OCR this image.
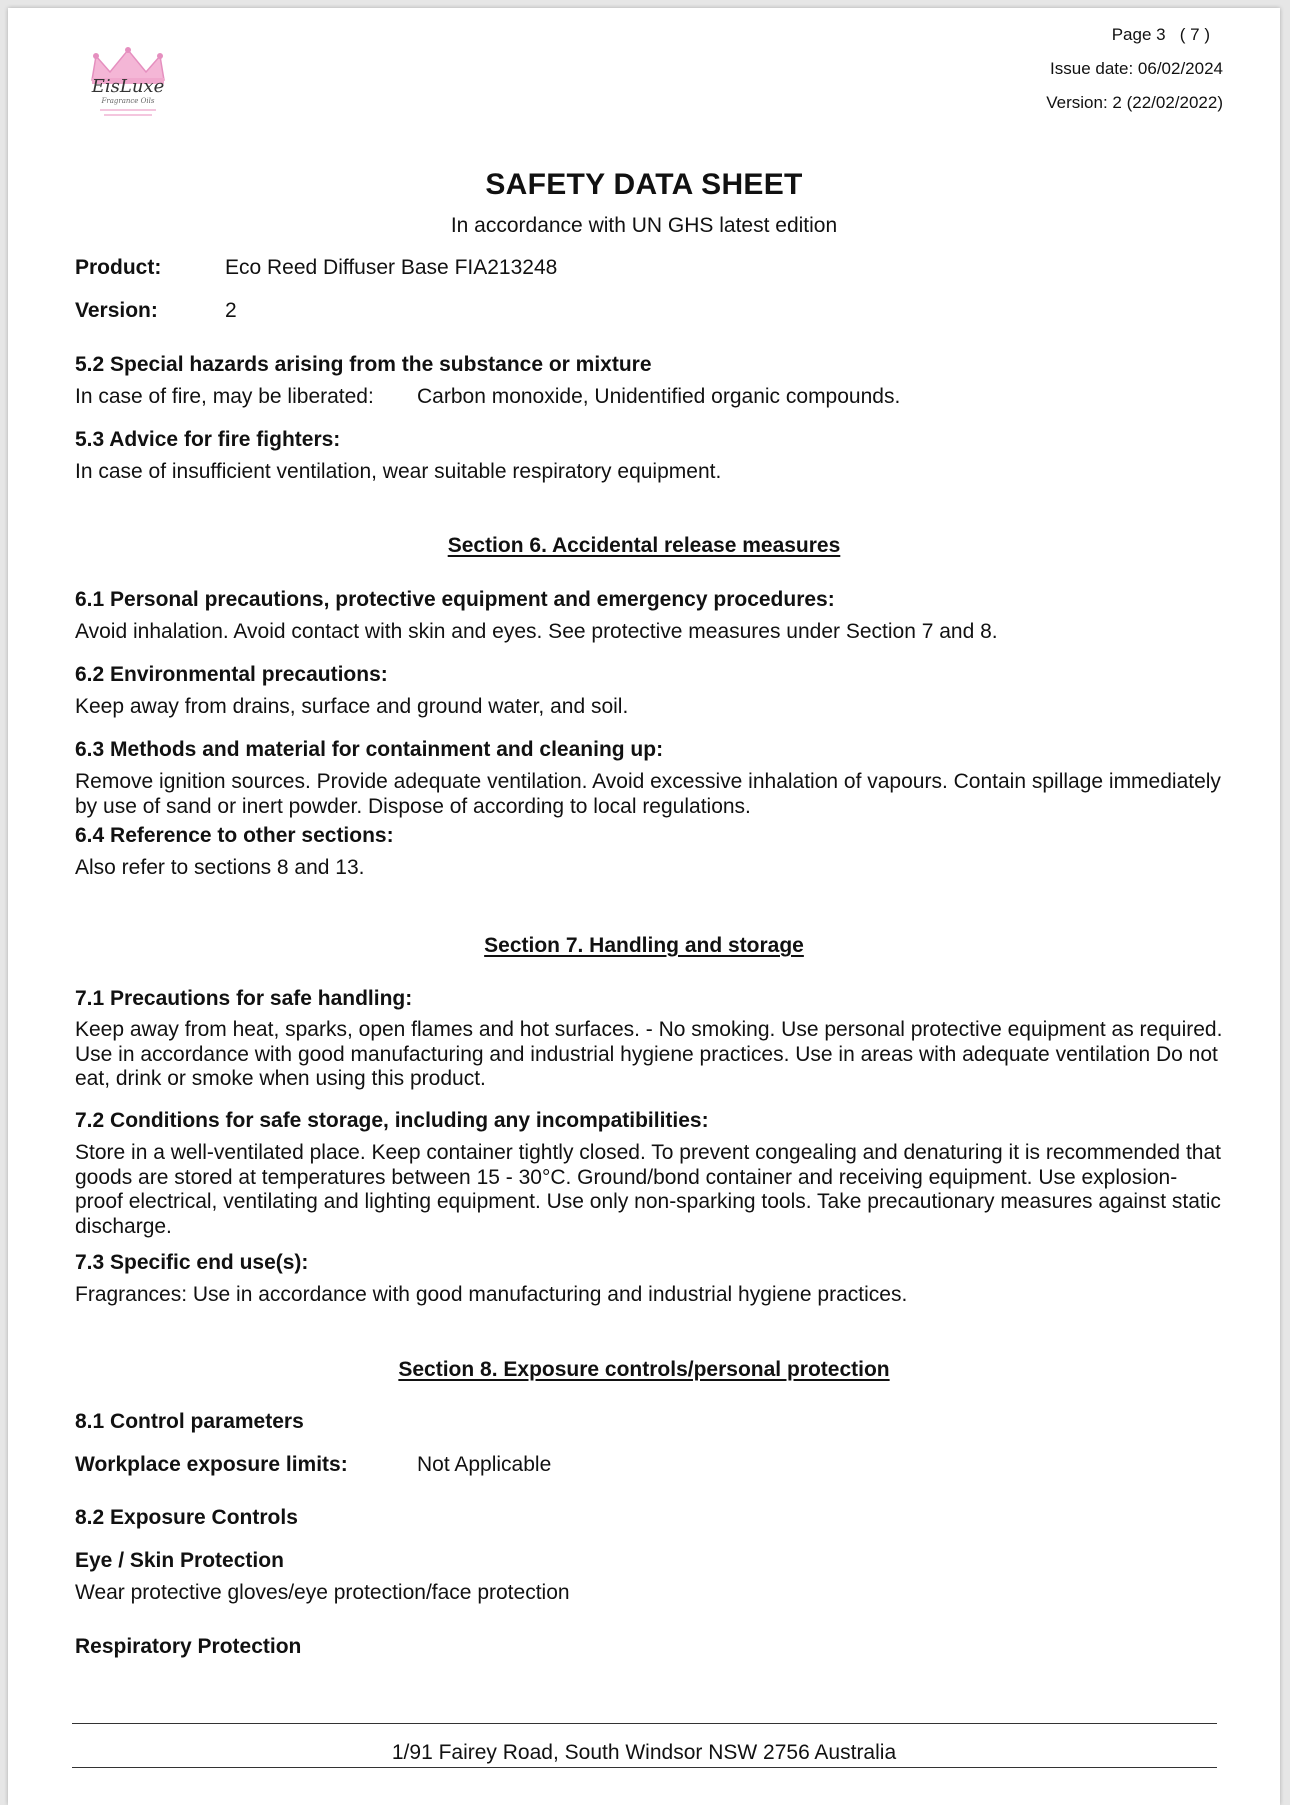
EisLuxe
Fragrance Oils
Page 3 ( 7 )
Issue date: 06/02/2024
Version: 2 (22/02/2022)
SAFETY DATA SHEET
In accordance with UN GHS latest edition
Product:	Eco Reed Diffuser Base FIA213248
Version:	2
5.2 Special hazards arising from the substance or mixture
In case of fire, may be liberated: Carbon monoxide, Unidentified organic compounds.
5.3 Advice for fire fighters:
In case of insufficient ventilation, wear suitable respiratory equipment.
Section 6. Accidental release measures
6.1 Personal precautions, protective equipment and emergency procedures:
Avoid inhalation. Avoid contact with skin and eyes. See protective measures under Section 7 and 8.
6.2 Environmental precautions:
Keep away from drains, surface and ground water, and soil.
6.3 Methods and material for containment and cleaning up:
Remove ignition sources. Provide adequate ventilation. Avoid excessive inhalation of vapours. Contain spillage immediately by use of sand or inert powder. Dispose of according to local regulations.
6.4 Reference to other sections:
Also refer to sections 8 and 13.
Section 7. Handling and storage
7.1 Precautions for safe handling:
Keep away from heat, sparks, open flames and hot surfaces. - No smoking. Use personal protective equipment as required. Use in accordance with good manufacturing and industrial hygiene practices. Use in areas with adequate ventilation Do not eat, drink or smoke when using this product.
7.2 Conditions for safe storage, including any incompatibilities:
Store in a well-ventilated place. Keep container tightly closed. To prevent congealing and denaturing it is recommended that goods are stored at temperatures between 15 - 30°C. Ground/bond container and receiving equipment. Use explosion-proof electrical, ventilating and lighting equipment. Use only non-sparking tools. Take precautionary measures against static discharge.
7.3 Specific end use(s):
Fragrances: Use in accordance with good manufacturing and industrial hygiene practices.
Section 8. Exposure controls/personal protection
8.1 Control parameters
Workplace exposure limits:	Not Applicable
8.2 Exposure Controls
Eye / Skin Protection
Wear protective gloves/eye protection/face protection
Respiratory Protection
1/91 Fairey Road, South Windsor NSW 2756 Australia
